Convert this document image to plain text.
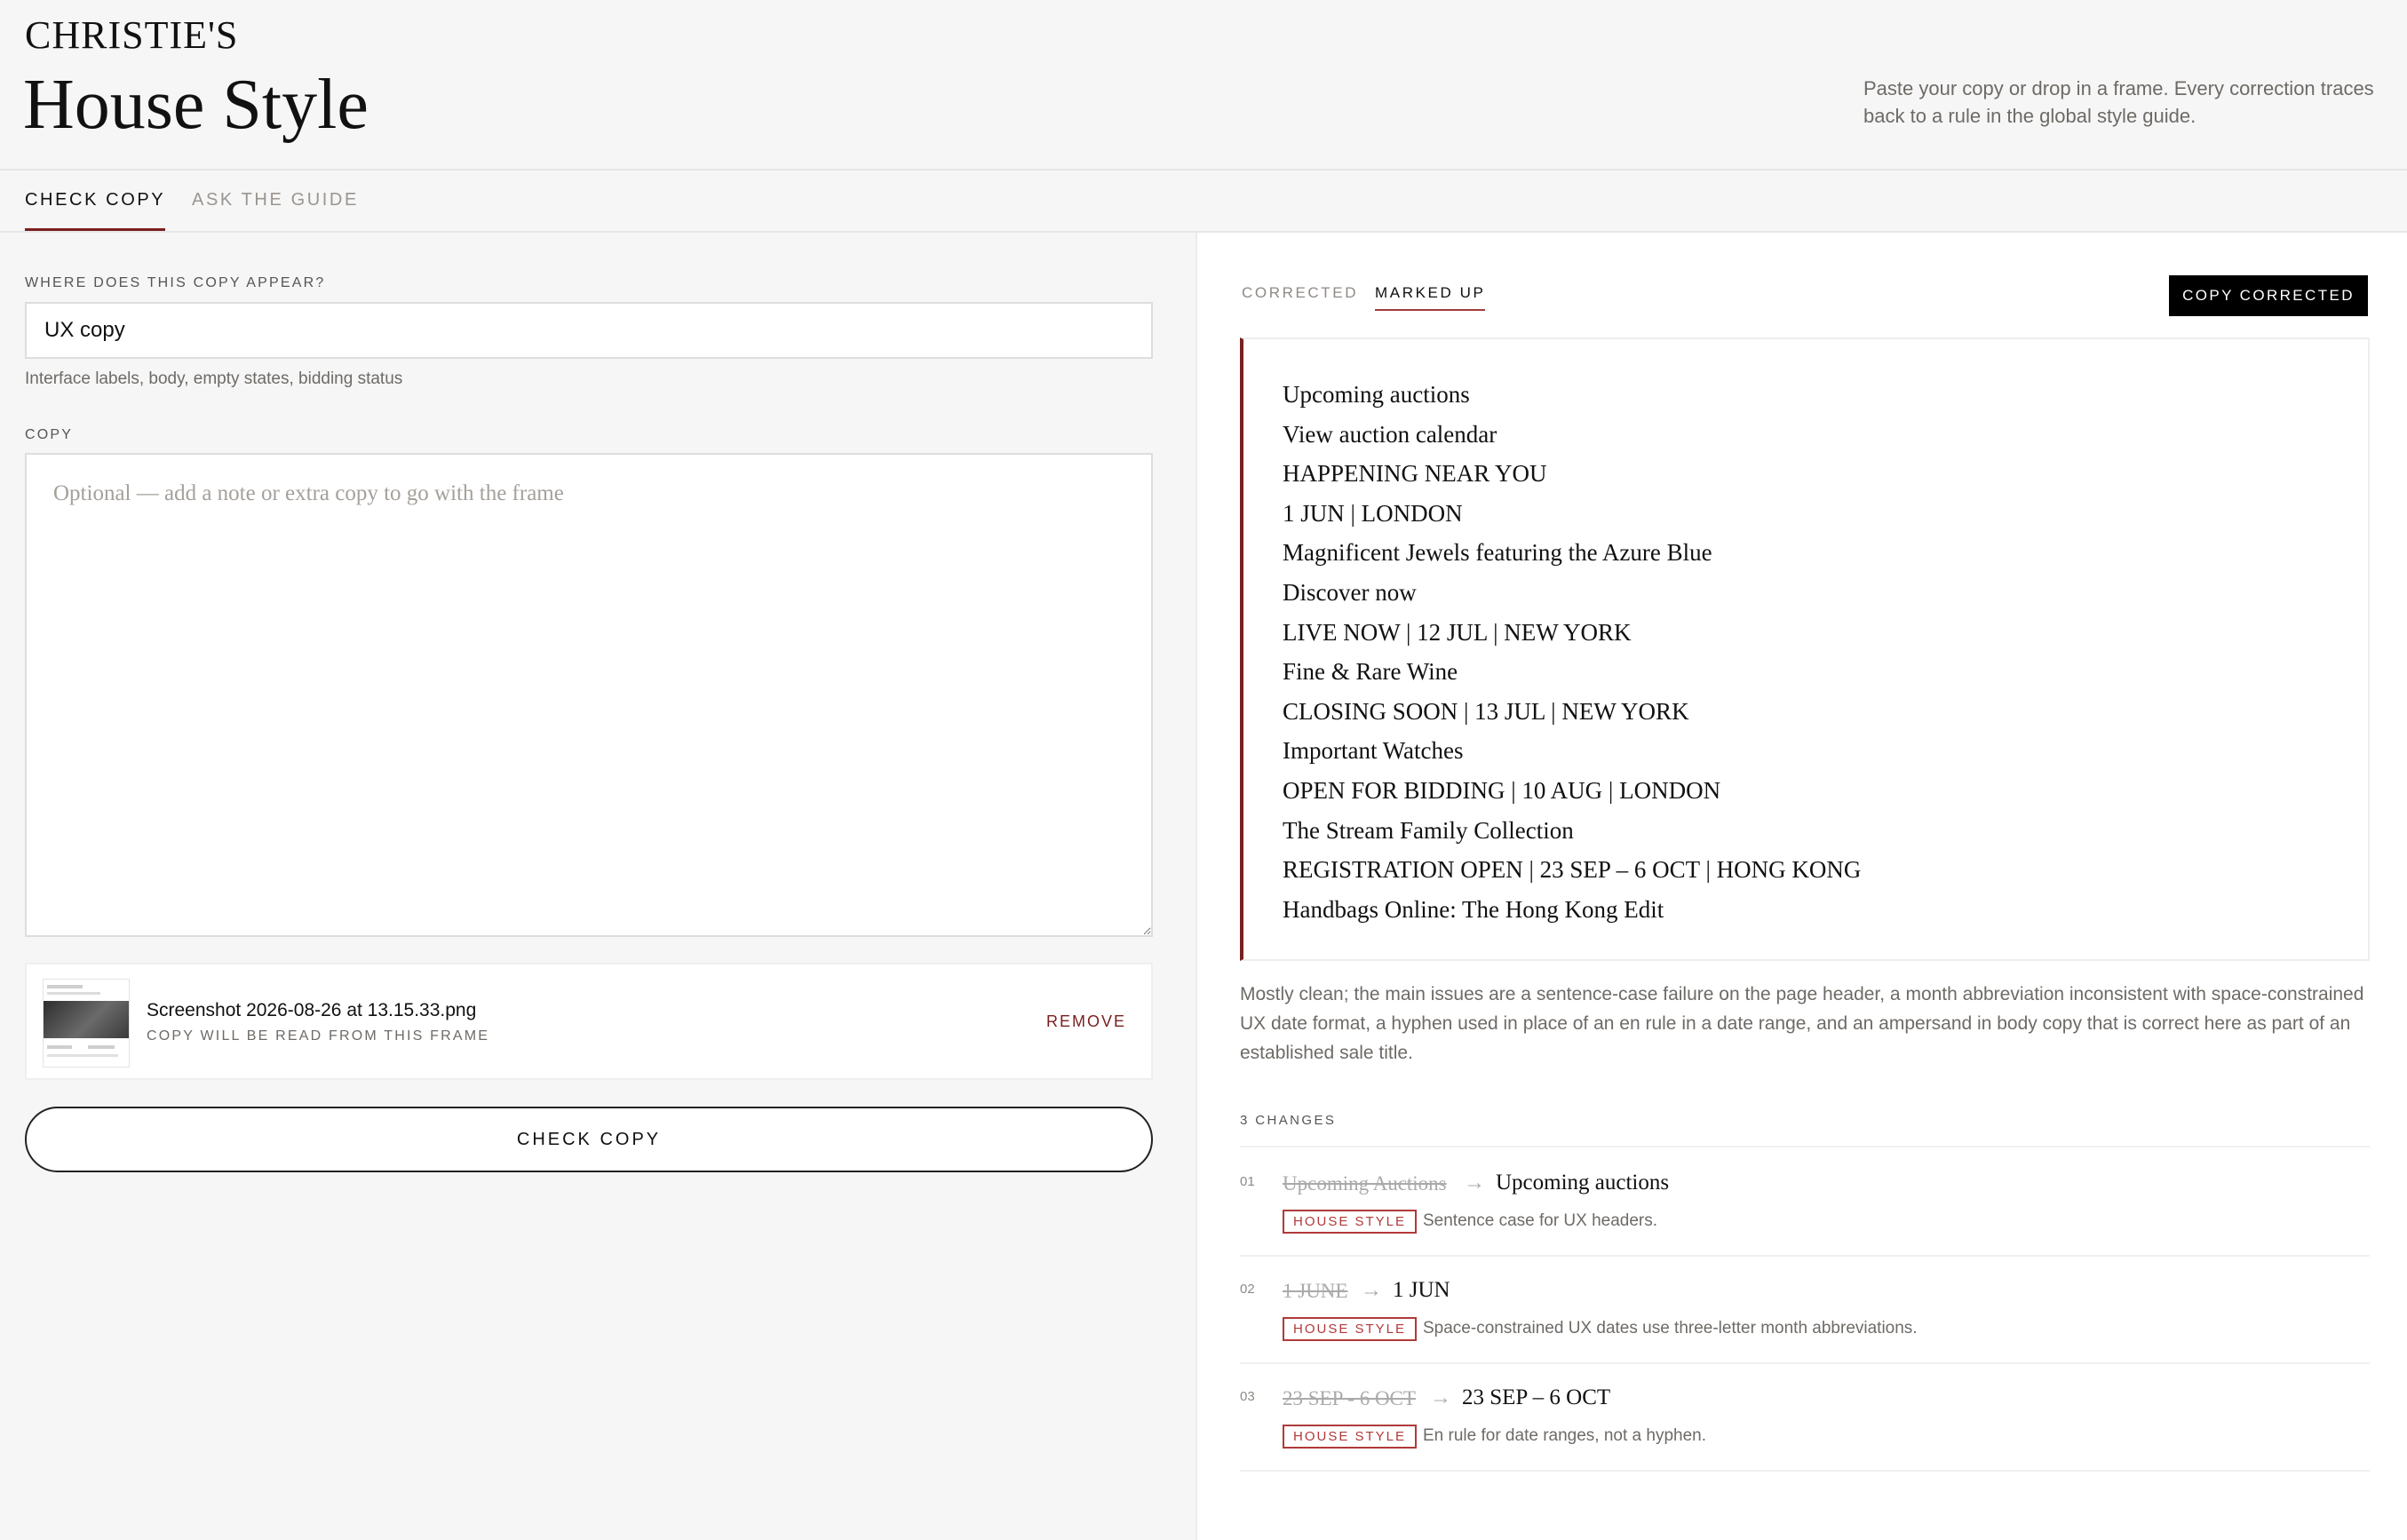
CHRISTIE'S
House Style	Paste your copy or drop in a frame. Every correction traces back to a rule in the global style guide.
CHECK COPY ASK THE GUIDE
WHERE DOES THIS COPY APPEAR?
UX copy
Interface labels, body, empty states, bidding status
COPY
Optional — add a note or extra copy to go with the frame
Screenshot 2026-08-26 at 13.15.33.png
COPY WILL BE READ FROM THIS FRAME
REMOVE
CHECK COPY
CORRECTED MARKED UP	COPY CORRECTED
Upcoming auctions
View auction calendar
HAPPENING NEAR YOU
1 JUN | LONDON
Magnificent Jewels featuring the Azure Blue
Discover now
LIVE NOW | 12 JUL | NEW YORK
Fine & Rare Wine
CLOSING SOON | 13 JUL | NEW YORK
Important Watches
OPEN FOR BIDDING | 10 AUG | LONDON
The Stream Family Collection
REGISTRATION OPEN | 23 SEP – 6 OCT | HONG KONG
Handbags Online: The Hong Kong Edit
Mostly clean; the main issues are a sentence-case failure on the page header, a month abbreviation inconsistent with space-constrained UX date format, a hyphen used in place of an en rule in a date range, and an ampersand in body copy that is correct here as part of an established sale title.
3 CHANGES
01 Upcoming Auctions → Upcoming auctions
HOUSE STYLE Sentence case for UX headers.
02 1 JUNE → 1 JUN
HOUSE STYLE Space-constrained UX dates use three-letter month abbreviations.
03 23 SEP - 6 OCT → 23 SEP – 6 OCT
HOUSE STYLE En rule for date ranges, not a hyphen.
